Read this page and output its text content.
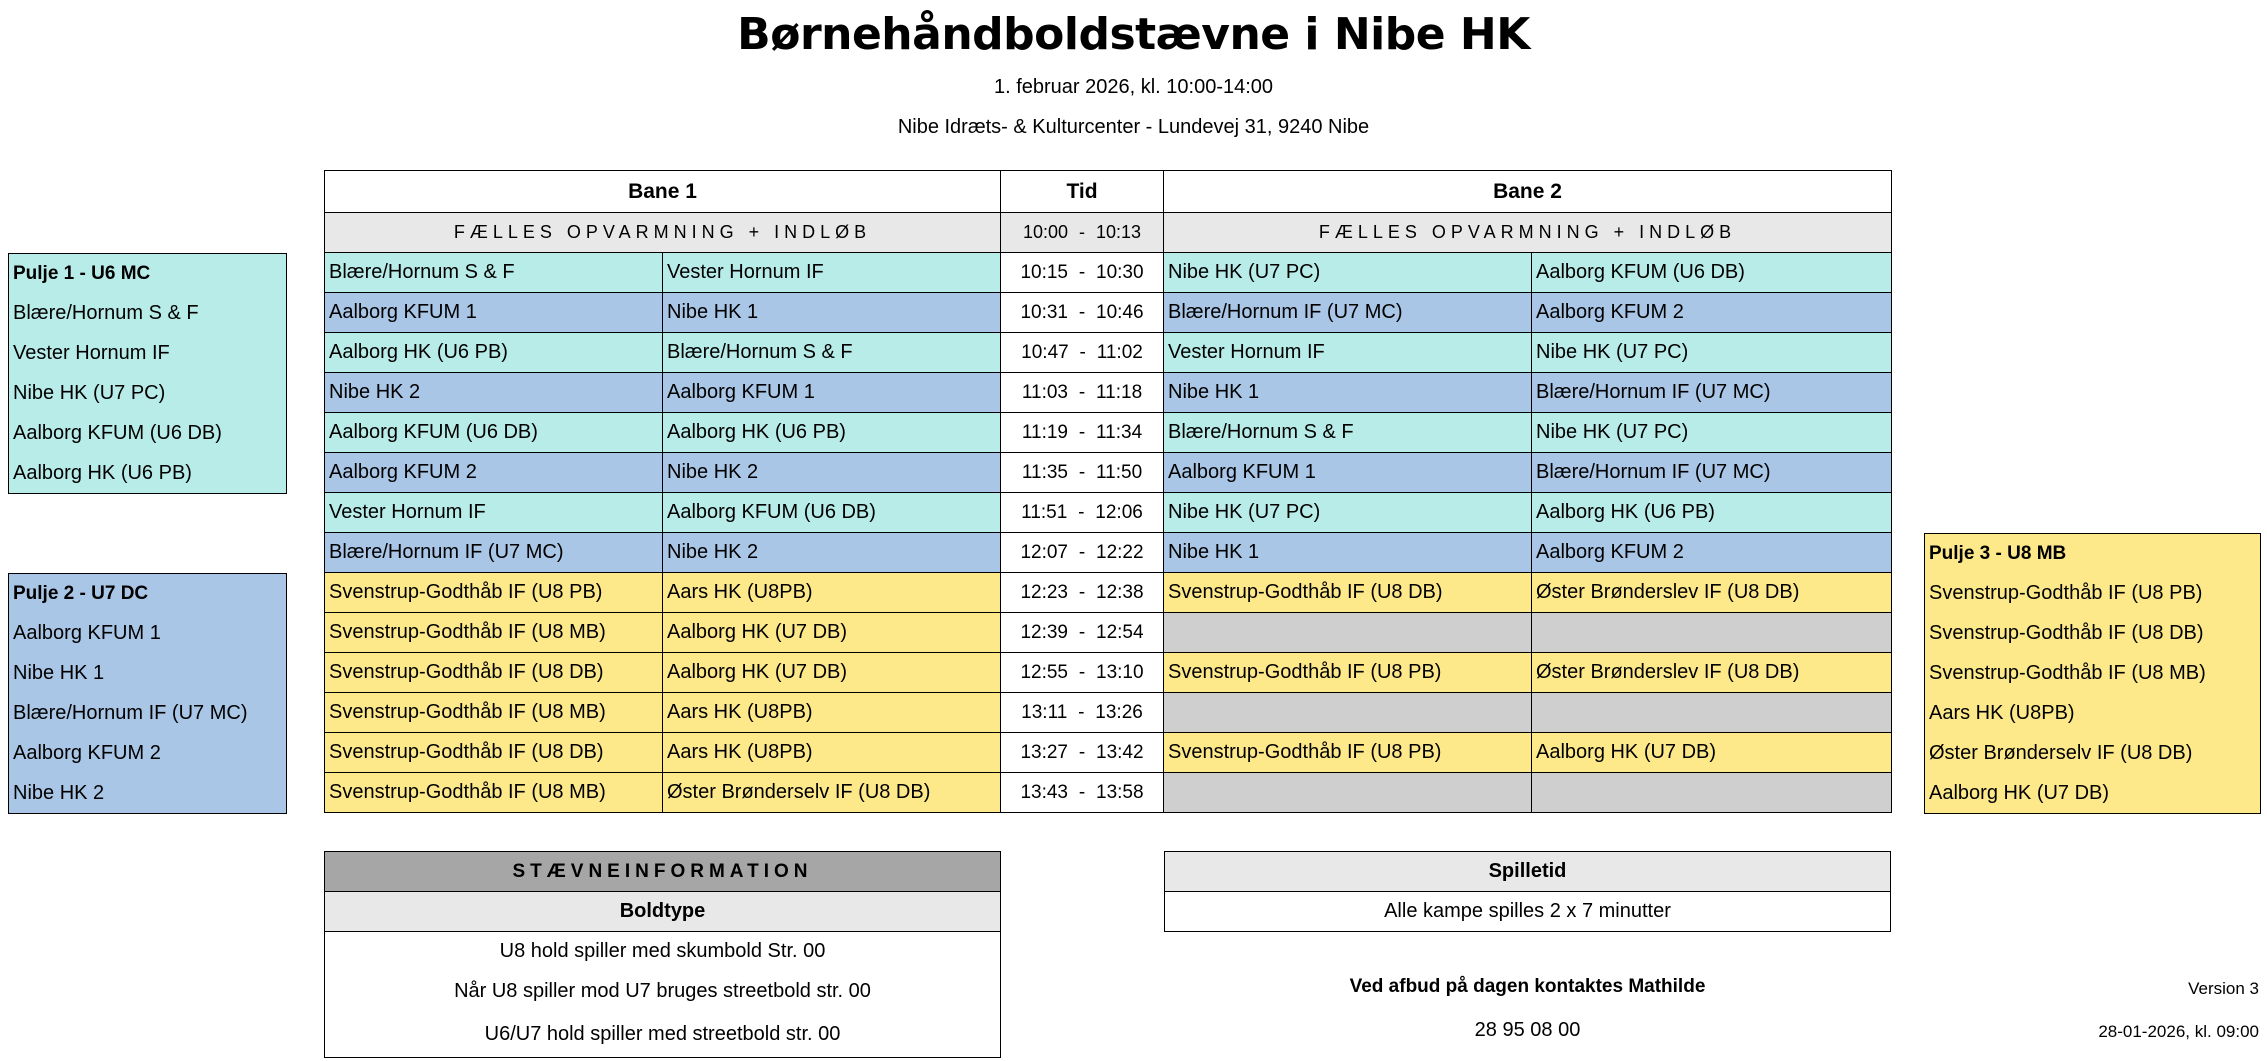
Børnehåndboldstævne i Nibe HK
1. februar 2026, kl. 10:00-14:00
Nibe Idræts- & Kulturcenter - Lundevej 31, 9240 Nibe
Bane 1		Tid	Bane 2	
FÆLLES OPVARMNING + INDLØB		10:00 - 10:13	FÆLLES OPVARMNING + INDLØB	
Blære/Hornum S & F	Vester Hornum IF	10:15 - 10:30	Nibe HK (U7 PC)	Aalborg KFUM (U6 DB)
Aalborg KFUM 1	Nibe HK 1	10:31 - 10:46	Blære/Hornum IF (U7 MC)	Aalborg KFUM 2
Aalborg HK (U6 PB)	Blære/Hornum S & F	10:47 - 11:02	Vester Hornum IF	Nibe HK (U7 PC)
Nibe HK 2	Aalborg KFUM 1	11:03 - 11:18	Nibe HK 1	Blære/Hornum IF (U7 MC)
Aalborg KFUM (U6 DB)	Aalborg HK (U6 PB)	11:19 - 11:34	Blære/Hornum S & F	Nibe HK (U7 PC)
Aalborg KFUM 2	Nibe HK 2	11:35 - 11:50	Aalborg KFUM 1	Blære/Hornum IF (U7 MC)
Vester Hornum IF	Aalborg KFUM (U6 DB)	11:51 - 12:06	Nibe HK (U7 PC)	Aalborg HK (U6 PB)
Blære/Hornum IF (U7 MC)	Nibe HK 2	12:07 - 12:22	Nibe HK 1	Aalborg KFUM 2
Svenstrup-Godthåb IF (U8 PB)	Aars HK (U8PB)	12:23 - 12:38	Svenstrup-Godthåb IF (U8 DB)	Øster Brønderslev IF (U8 DB)
Svenstrup-Godthåb IF (U8 MB)	Aalborg HK (U7 DB)	12:39 - 12:54		
Svenstrup-Godthåb IF (U8 DB)	Aalborg HK (U7 DB)	12:55 - 13:10	Svenstrup-Godthåb IF (U8 PB)	Øster Brønderslev IF (U8 DB)
Svenstrup-Godthåb IF (U8 MB)	Aars HK (U8PB)	13:11 - 13:26		
Svenstrup-Godthåb IF (U8 DB)	Aars HK (U8PB)	13:27 - 13:42	Svenstrup-Godthåb IF (U8 PB)	Aalborg HK (U7 DB)
Svenstrup-Godthåb IF (U8 MB)	Øster Brønderselv IF (U8 DB)	13:43 - 13:58		
Pulje 1 - U6 MC
Blære/Hornum S & F
Vester Hornum IF
Nibe HK (U7 PC)
Aalborg KFUM (U6 DB)
Aalborg HK (U6 PB)
Pulje 2 - U7 DC
Aalborg KFUM 1
Nibe HK 1
Blære/Hornum IF (U7 MC)
Aalborg KFUM 2
Nibe HK 2
Pulje 3 - U8 MB
Svenstrup-Godthåb IF (U8 PB)
Svenstrup-Godthåb IF (U8 DB)
Svenstrup-Godthåb IF (U8 MB)
Aars HK (U8PB)
Øster Brønderselv IF (U8 DB)
Aalborg HK (U7 DB)
STÆVNEINFORMATION
Boldtype
U8 hold spiller med skumbold Str. 00
Når U8 spiller mod U7 bruges streetbold str. 00
U6/U7 hold spiller med streetbold str. 00
Spilletid
Alle kampe spilles 2 x 7 minutter
Ved afbud på dagen kontaktes Mathilde
28 95 08 00
Version 3
28-01-2026, kl. 09:00
